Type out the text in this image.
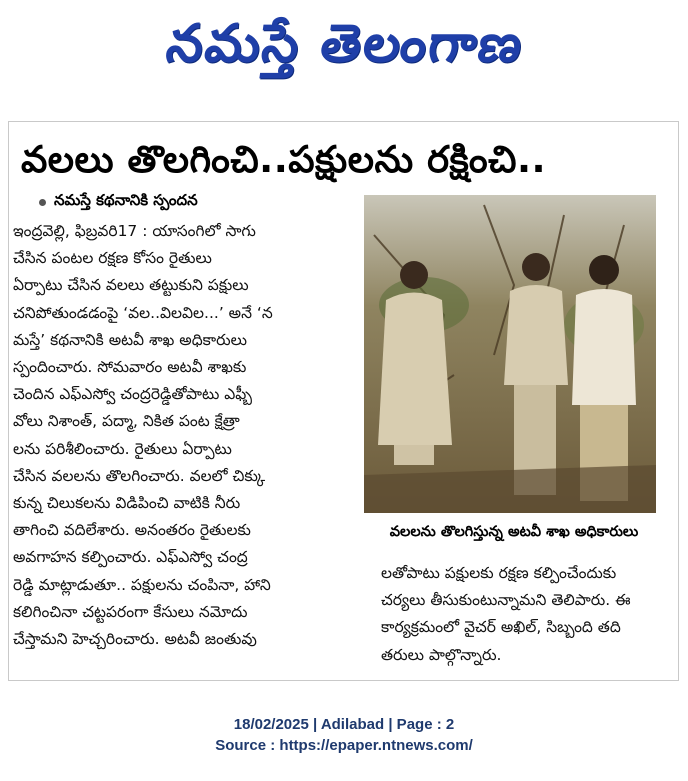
నమస్తే తెలంగాణ
వలలు తొలగించి..పక్షులను రక్షించి..
నమస్తే కథనానికి స్పందన
ఇంద్రవెల్లి, ఫిబ్రవరి17 : యాసంగిలో సాగు
చేసిన పంటల రక్షణ కోసం రైతులు
ఏర్పాటు చేసిన వలలు తట్టుకుని పక్షులు
చనిపోతుండడంపై ‘వల..విలవిల...’ అనే ‘న
మస్తే’ కథనానికి అటవీ శాఖ అధికారులు
స్పందించారు. సోమవారం అటవీ శాఖకు
చెందిన ఎఫ్ఎస్వో చంద్రరెడ్డితోపాటు ఎఫ్బీ
వోలు నిశాంత్, పద్మా, నికిత పంట క్షేత్రా
లను పరిశీలించారు. రైతులు ఏర్పాటు
చేసిన వలలను తొలగించారు. వలలో చిక్కు
కున్న చిలుకలను విడిపించి వాటికి నీరు
తాగించి వదిలేశారు. అనంతరం రైతులకు
అవగాహన కల్పించారు. ఎఫ్ఎస్వో చంద్ర
రెడ్డి మాట్లాడుతూ.. పక్షులను చంపినా, హాని
కలిగించినా చట్టపరంగా కేసులు నమోదు
చేస్తామని హెచ్చరించారు. అటవీ జంతువు
వలలను తొలగిస్తున్న అటవీ శాఖ అధికారులు
లతోపాటు పక్షులకు రక్షణ కల్పించేందుకు
చర్యలు తీసుకుంటున్నామని తెలిపారు. ఈ
కార్యక్రమంలో వైచర్ అఖిల్, సిబ్బంది తది
తరులు పాల్గొన్నారు.
18/02/2025 | Adilabad | Page : 2
Source : https://epaper.ntnews.com/
